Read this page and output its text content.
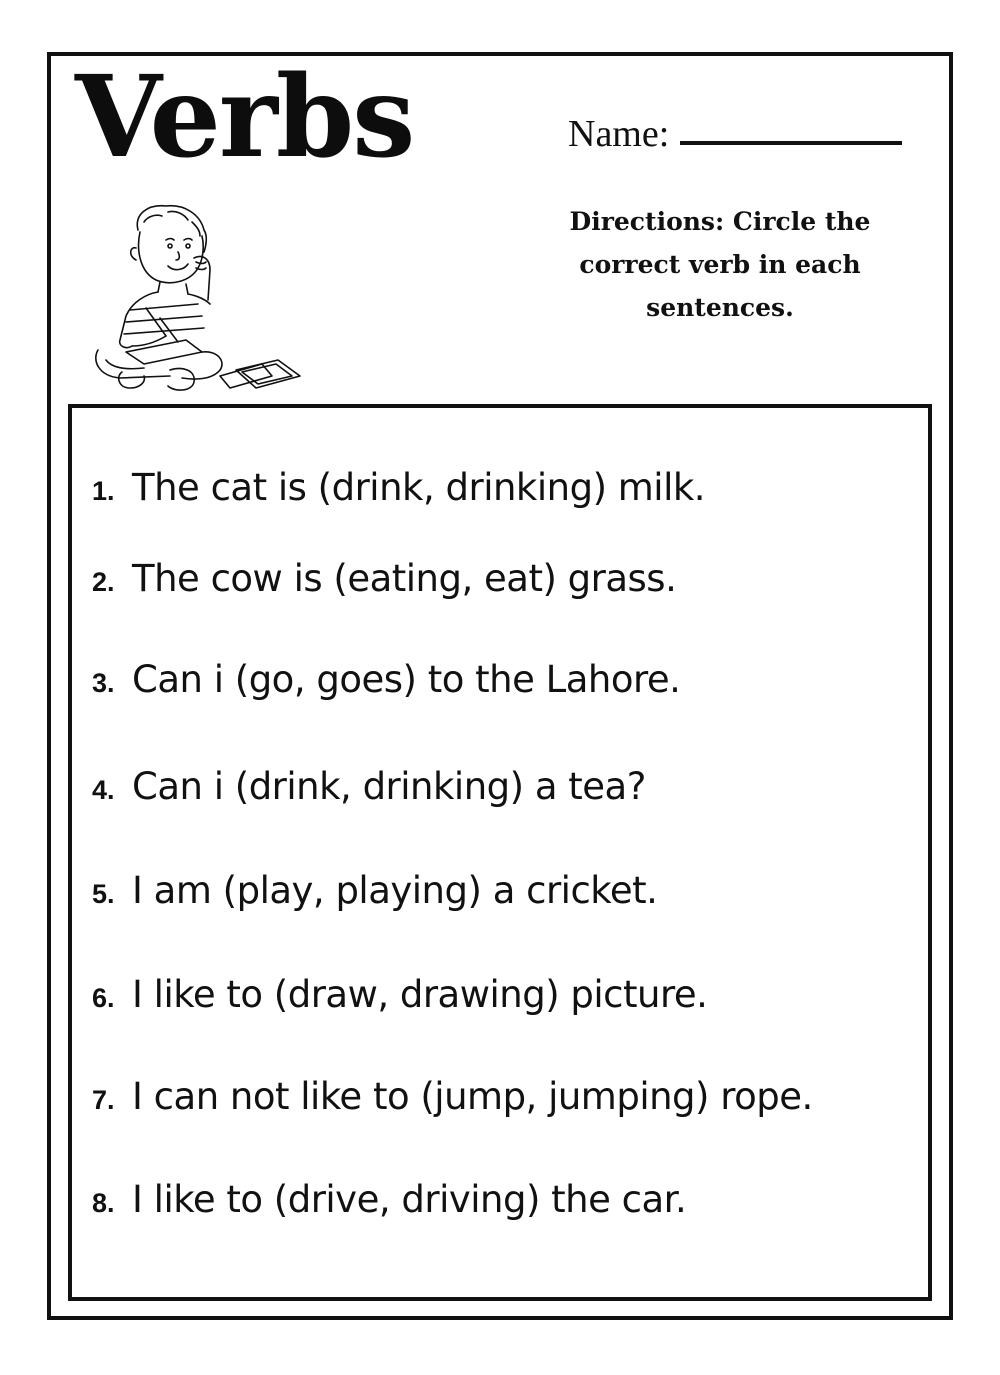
Verbs	Name:
Directions: Circle the correct verb in each sentences.
1. The cat is (drink, drinking) milk.
2. The cow is (eating, eat) grass.
3. Can i (go, goes) to the Lahore.
4. Can i (drink, drinking) a tea?
5. I am (play, playing) a cricket.
6. I like to (draw, drawing) picture.
7. I can not like to (jump, jumping) rope.
8. I like to (drive, driving) the car.
